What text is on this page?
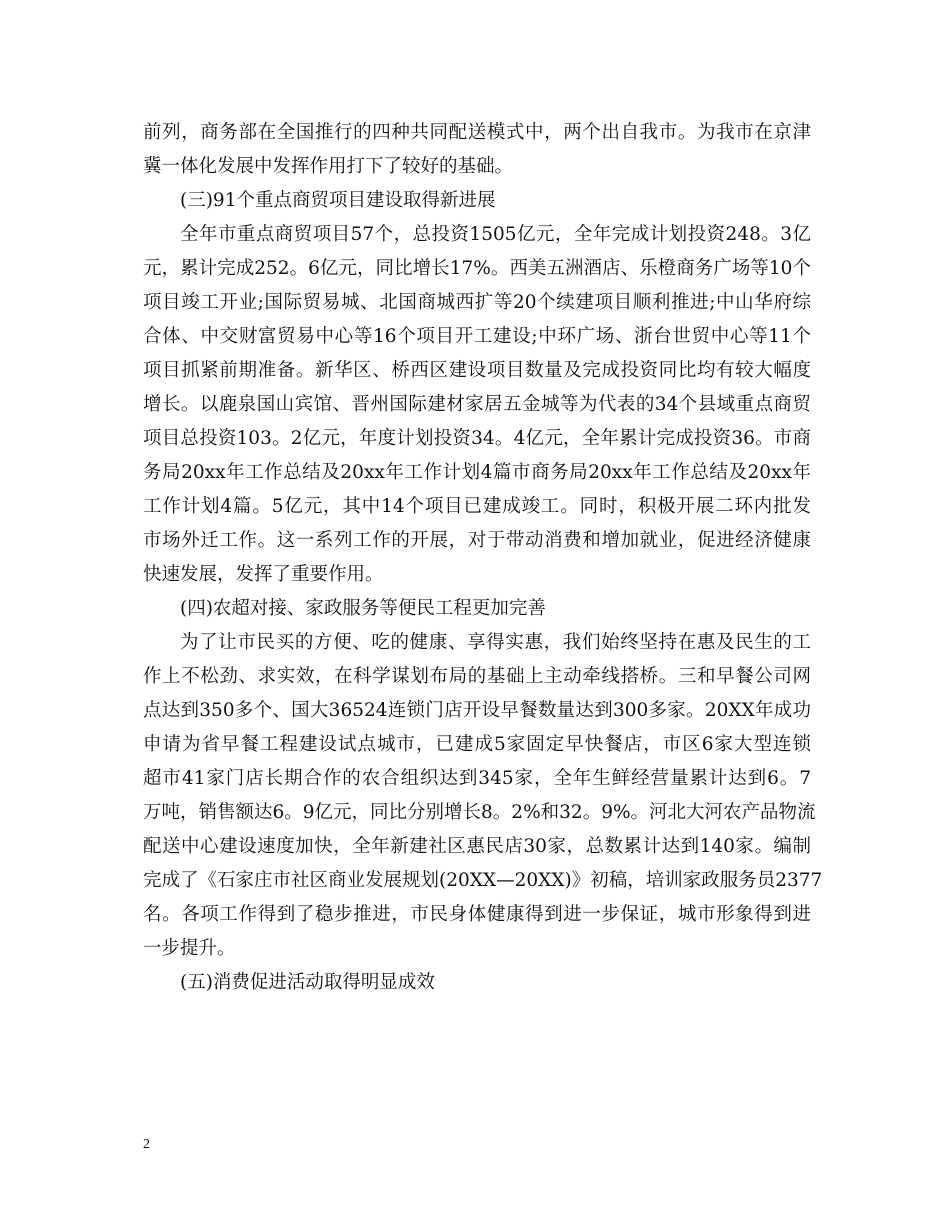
前列，商务部在全国推行的四种共同配送模式中，两个出自我市。为我市在京津
冀一体化发展中发挥作用打下了较好的基础。
(三)91个重点商贸项目建设取得新进展
全年市重点商贸项目57个，总投资1505亿元，全年完成计划投资248。3亿
元，累计完成252。6亿元，同比增长17%。西美五洲酒店、乐橙商务广场等10个
项目竣工开业;国际贸易城、北国商城西扩等20个续建项目顺利推进;中山华府综
合体、中交财富贸易中心等16个项目开工建设;中环广场、浙台世贸中心等11个
项目抓紧前期准备。新华区、桥西区建设项目数量及完成投资同比均有较大幅度
增长。以鹿泉国山宾馆、晋州国际建材家居五金城等为代表的34个县域重点商贸
项目总投资103。2亿元，年度计划投资34。4亿元，全年累计完成投资36。市商
务局20xx年工作总结及20xx年工作计划4篇市商务局20xx年工作总结及20xx年
工作计划4篇。5亿元，其中14个项目已建成竣工。同时，积极开展二环内批发
市场外迁工作。这一系列工作的开展，对于带动消费和增加就业，促进经济健康
快速发展，发挥了重要作用。
(四)农超对接、家政服务等便民工程更加完善
为了让市民买的方便、吃的健康、享得实惠，我们始终坚持在惠及民生的工
作上不松劲、求实效，在科学谋划布局的基础上主动牵线搭桥。三和早餐公司网
点达到350多个、国大36524连锁门店开设早餐数量达到300多家。20XX年成功
申请为省早餐工程建设试点城市，已建成5家固定早快餐店，市区6家大型连锁
超市41家门店长期合作的农合组织达到345家，全年生鲜经营量累计达到6。7
万吨，销售额达6。9亿元，同比分别增长8。2%和32。9%。河北大河农产品物流
配送中心建设速度加快，全年新建社区惠民店30家，总数累计达到140家。编制
完成了《石家庄市社区商业发展规划(20XX—20XX)》初稿，培训家政服务员2377
名。各项工作得到了稳步推进，市民身体健康得到进一步保证，城市形象得到进
一步提升。
(五)消费促进活动取得明显成效
2
